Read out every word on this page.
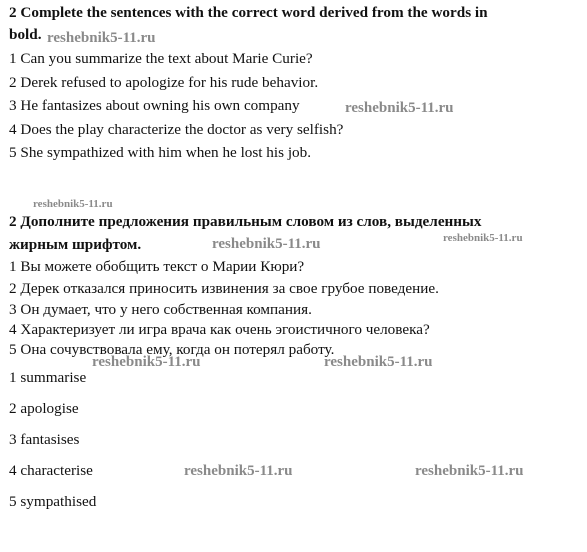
2 Complete the sentences with the correct word derived from the words in
bold. reshebnik5-11.ru
1 Can you summarize the text about Marie Curie?
2 Derek refused to apologize for his rude behavior.
3 He fantasizes about owning his own company	reshebnik5-11.ru
4 Does the play characterize the doctor as very selfish?
5 She sympathized with him when he lost his job.
reshebnik5-11.ru
2 Дополните предложения правильным словом из слов, выделенных
жирным шрифтом.	reshebnik5-11.ru	reshebnik5-11.ru
1 Вы можете обобщить текст о Марии Кюри?
2 Дерек отказался приносить извинения за свое грубое поведение.
3 Он думает, что у него собственная компания.
4 Характеризует ли игра врача как очень эгоистичного человека?
5 Она сочувствовала ему, когда он потерял работу.
reshebnik5-11.ru	reshebnik5-11.ru
1 summarise
2 apologise
3 fantasises
4 characterise	reshebnik5-11.ru	reshebnik5-11.ru
5 sympathised
